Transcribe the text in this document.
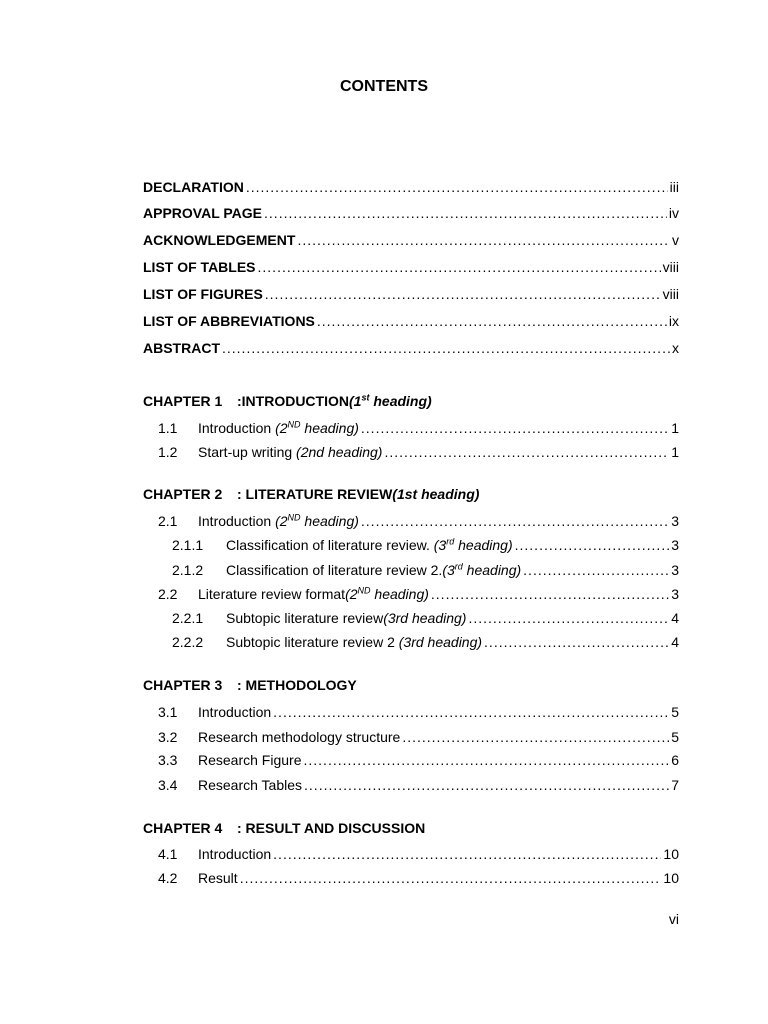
CONTENTS
DECLARATION .....	iii
APPROVAL PAGE .....	iv
ACKNOWLEDGEMENT .....	v
LIST OF TABLES .....	viii
LIST OF FIGURES .....	viii
LIST OF ABBREVIATIONS .....	ix
ABSTRACT .....	x
CHAPTER 1 :INTRODUCTION(1st heading)
1.1 Introduction (2ND heading) .....	1
1.2 Start-up writing (2nd heading) .....	1
CHAPTER 2 : LITERATURE REVIEW(1st heading)
2.1 Introduction (2ND heading) .....	3
2.1.1 Classification of literature review. (3rd heading) .....	3
2.1.2 Classification of literature review 2.(3rd heading) .....	3
2.2 Literature review format(2ND heading) .....	3
2.2.1 Subtopic literature review(3rd heading) .....	4
2.2.2 Subtopic literature review 2 (3rd heading) .....	4
CHAPTER 3 : METHODOLOGY
3.1 Introduction .....	5
3.2 Research methodology structure .....	5
3.3 Research Figure .....	6
3.4 Research Tables .....	7
CHAPTER 4 : RESULT AND DISCUSSION
4.1 Introduction .....	10
4.2 Result .....	10
vi
